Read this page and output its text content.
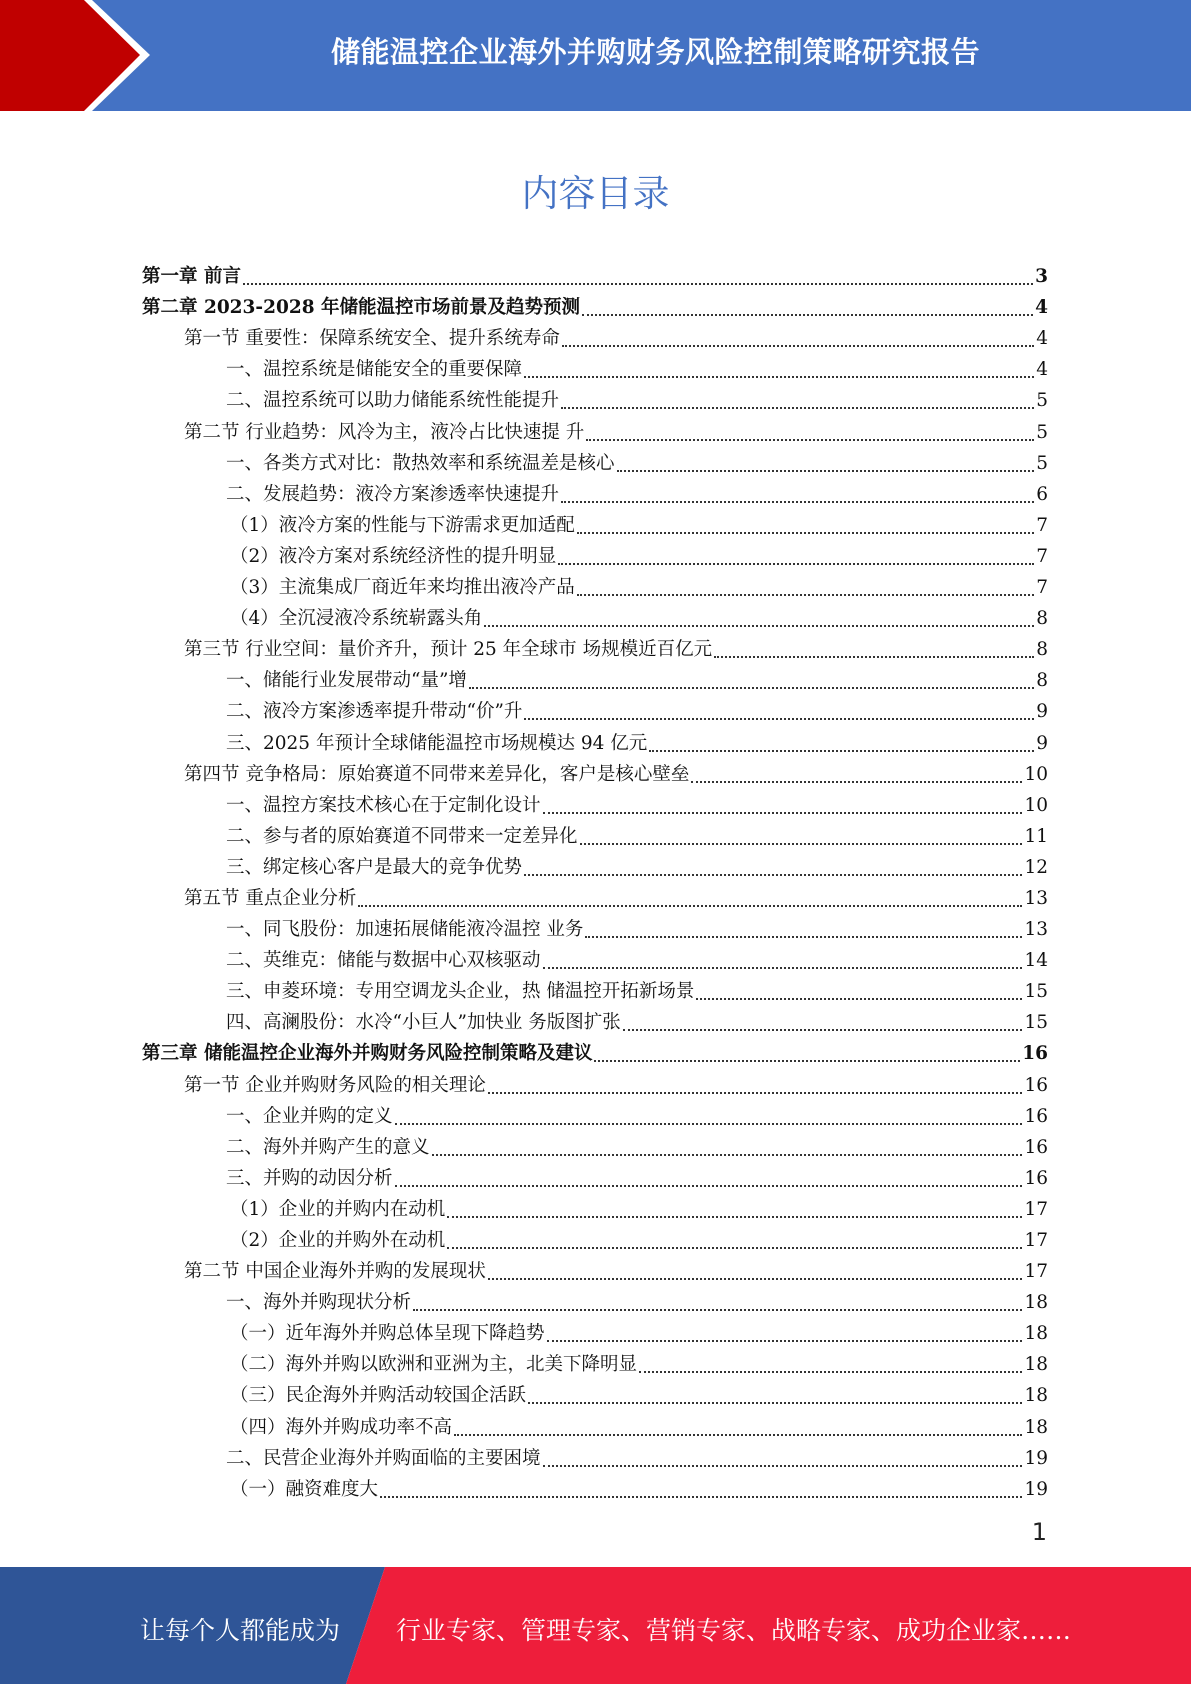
储能温控企业海外并购财务风险控制策略研究报告
内容目录
第一章 前言	3
第二章 2023-2028 年储能温控市场前景及趋势预测	4
第一节 重要性：保障系统安全、提升系统寿命	4
一、温控系统是储能安全的重要保障	4
二、温控系统可以助力储能系统性能提升	5
第二节 行业趋势：风冷为主，液冷占比快速提 升	5
一、各类方式对比：散热效率和系统温差是核心	5
二、发展趋势：液冷方案渗透率快速提升	6
（1）液冷方案的性能与下游需求更加适配	7
（2）液冷方案对系统经济性的提升明显	7
（3）主流集成厂商近年来均推出液冷产品	7
（4）全沉浸液冷系统崭露头角	8
第三节 行业空间：量价齐升，预计 25 年全球市 场规模近百亿元	8
一、储能行业发展带动“量”增	8
二、液冷方案渗透率提升带动“价”升	9
三、2025 年预计全球储能温控市场规模达 94 亿元	9
第四节 竞争格局：原始赛道不同带来差异化，客户是核心壁垒	10
一、温控方案技术核心在于定制化设计	10
二、参与者的原始赛道不同带来一定差异化	11
三、绑定核心客户是最大的竞争优势	12
第五节 重点企业分析	13
一、同飞股份：加速拓展储能液冷温控 业务	13
二、英维克：储能与数据中心双核驱动	14
三、申菱环境：专用空调龙头企业，热 储温控开拓新场景	15
四、高澜股份：水冷“小巨人”加快业 务版图扩张	15
第三章 储能温控企业海外并购财务风险控制策略及建议	16
第一节 企业并购财务风险的相关理论	16
一、企业并购的定义	16
二、海外并购产生的意义	16
三、并购的动因分析	16
（1）企业的并购内在动机	17
（2）企业的并购外在动机	17
第二节 中国企业海外并购的发展现状	17
一、海外并购现状分析	18
（一）近年海外并购总体呈现下降趋势	18
（二）海外并购以欧洲和亚洲为主，北美下降明显	18
（三）民企海外并购活动较国企活跃	18
（四）海外并购成功率不高	18
二、民营企业海外并购面临的主要困境	19
（一）融资难度大	19
1
让每个人都能成为 行业专家、管理专家、营销专家、战略专家、成功企业家……
